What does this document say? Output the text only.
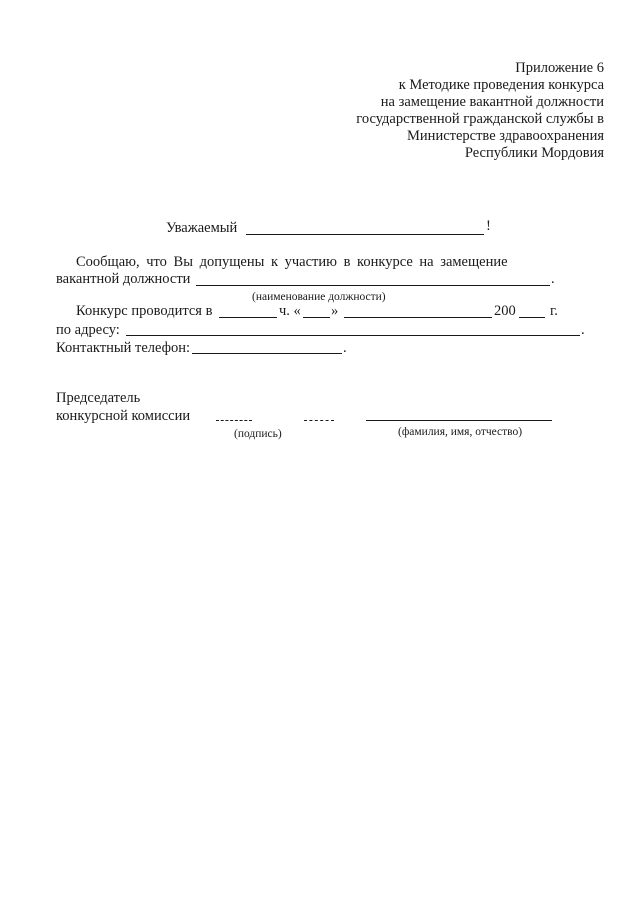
Приложение 6
к Методике проведения конкурса
на замещение вакантной должности
государственной гражданской службы в
Министерстве здравоохранения
Республики Мордовия
Уважаемый	!
Сообщаю, что Вы допущены к участию в конкурсе на замещение
вакантной должности	.
(наименование должности)
Конкурс проводится в	ч. « »	200 г.
по адресу:	.
Контактный телефон:	.
Председатель
конкурсной комиссии
(подпись)	(фамилия, имя, отчество)
